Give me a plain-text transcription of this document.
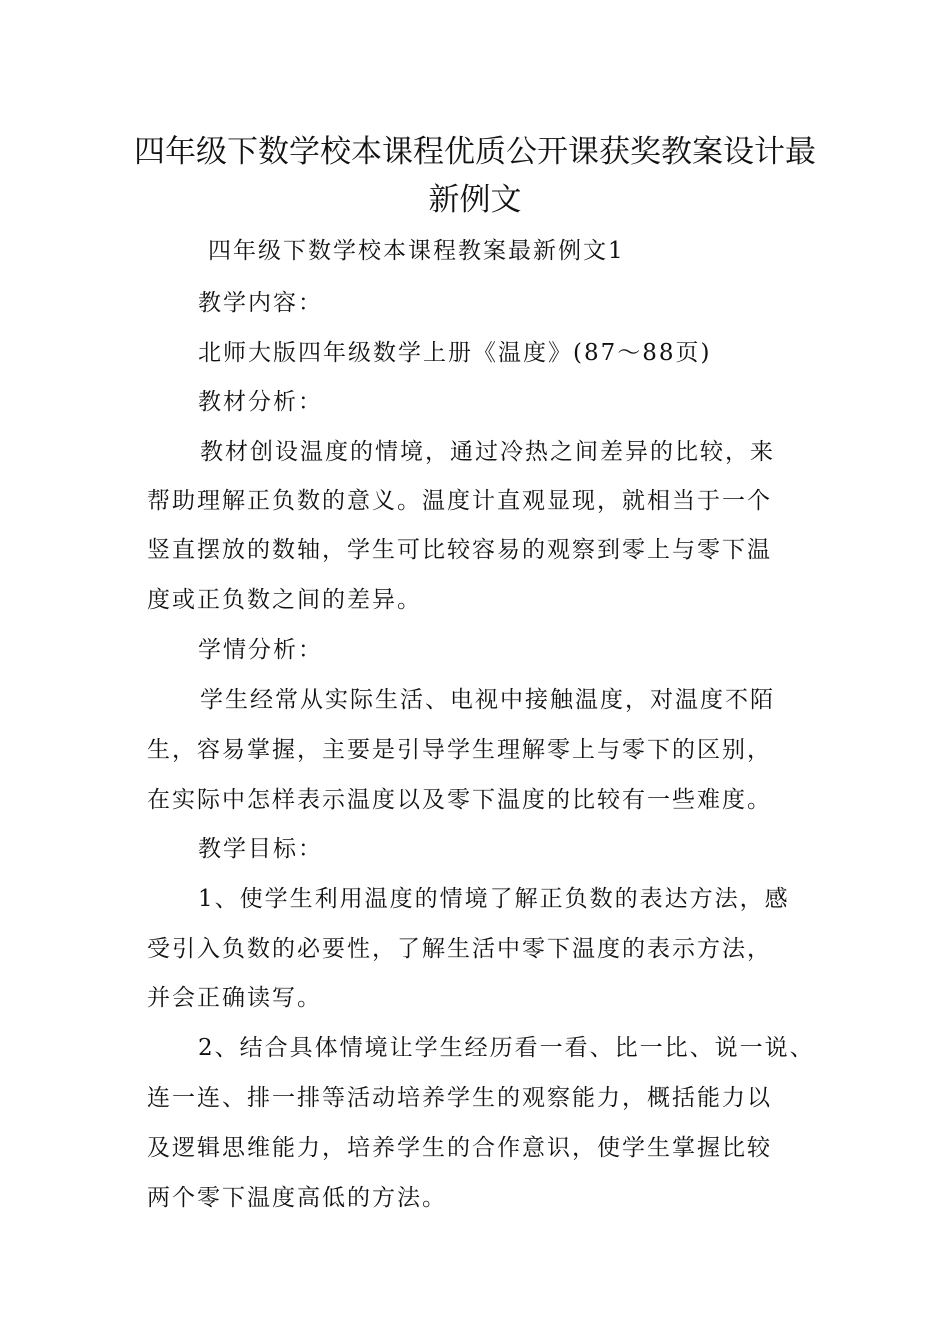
四年级下数学校本课程优质公开课获奖教案设计最新例文
四年级下数学校本课程教案最新例文1
教学内容：
北师大版四年级数学上册《温度》(87～88页)
教材分析：
教材创设温度的情境，通过冷热之间差异的比较，来
帮助理解正负数的意义。温度计直观显现，就相当于一个
竖直摆放的数轴，学生可比较容易的观察到零上与零下温
度或正负数之间的差异。
学情分析：
学生经常从实际生活、电视中接触温度，对温度不陌
生，容易掌握，主要是引导学生理解零上与零下的区别，
在实际中怎样表示温度以及零下温度的比较有一些难度。
教学目标：
1、使学生利用温度的情境了解正负数的表达方法，感
受引入负数的必要性，了解生活中零下温度的表示方法，
并会正确读写。
2、结合具体情境让学生经历看一看、比一比、说一说、
连一连、排一排等活动培养学生的观察能力，概括能力以
及逻辑思维能力，培养学生的合作意识，使学生掌握比较
两个零下温度高低的方法。
